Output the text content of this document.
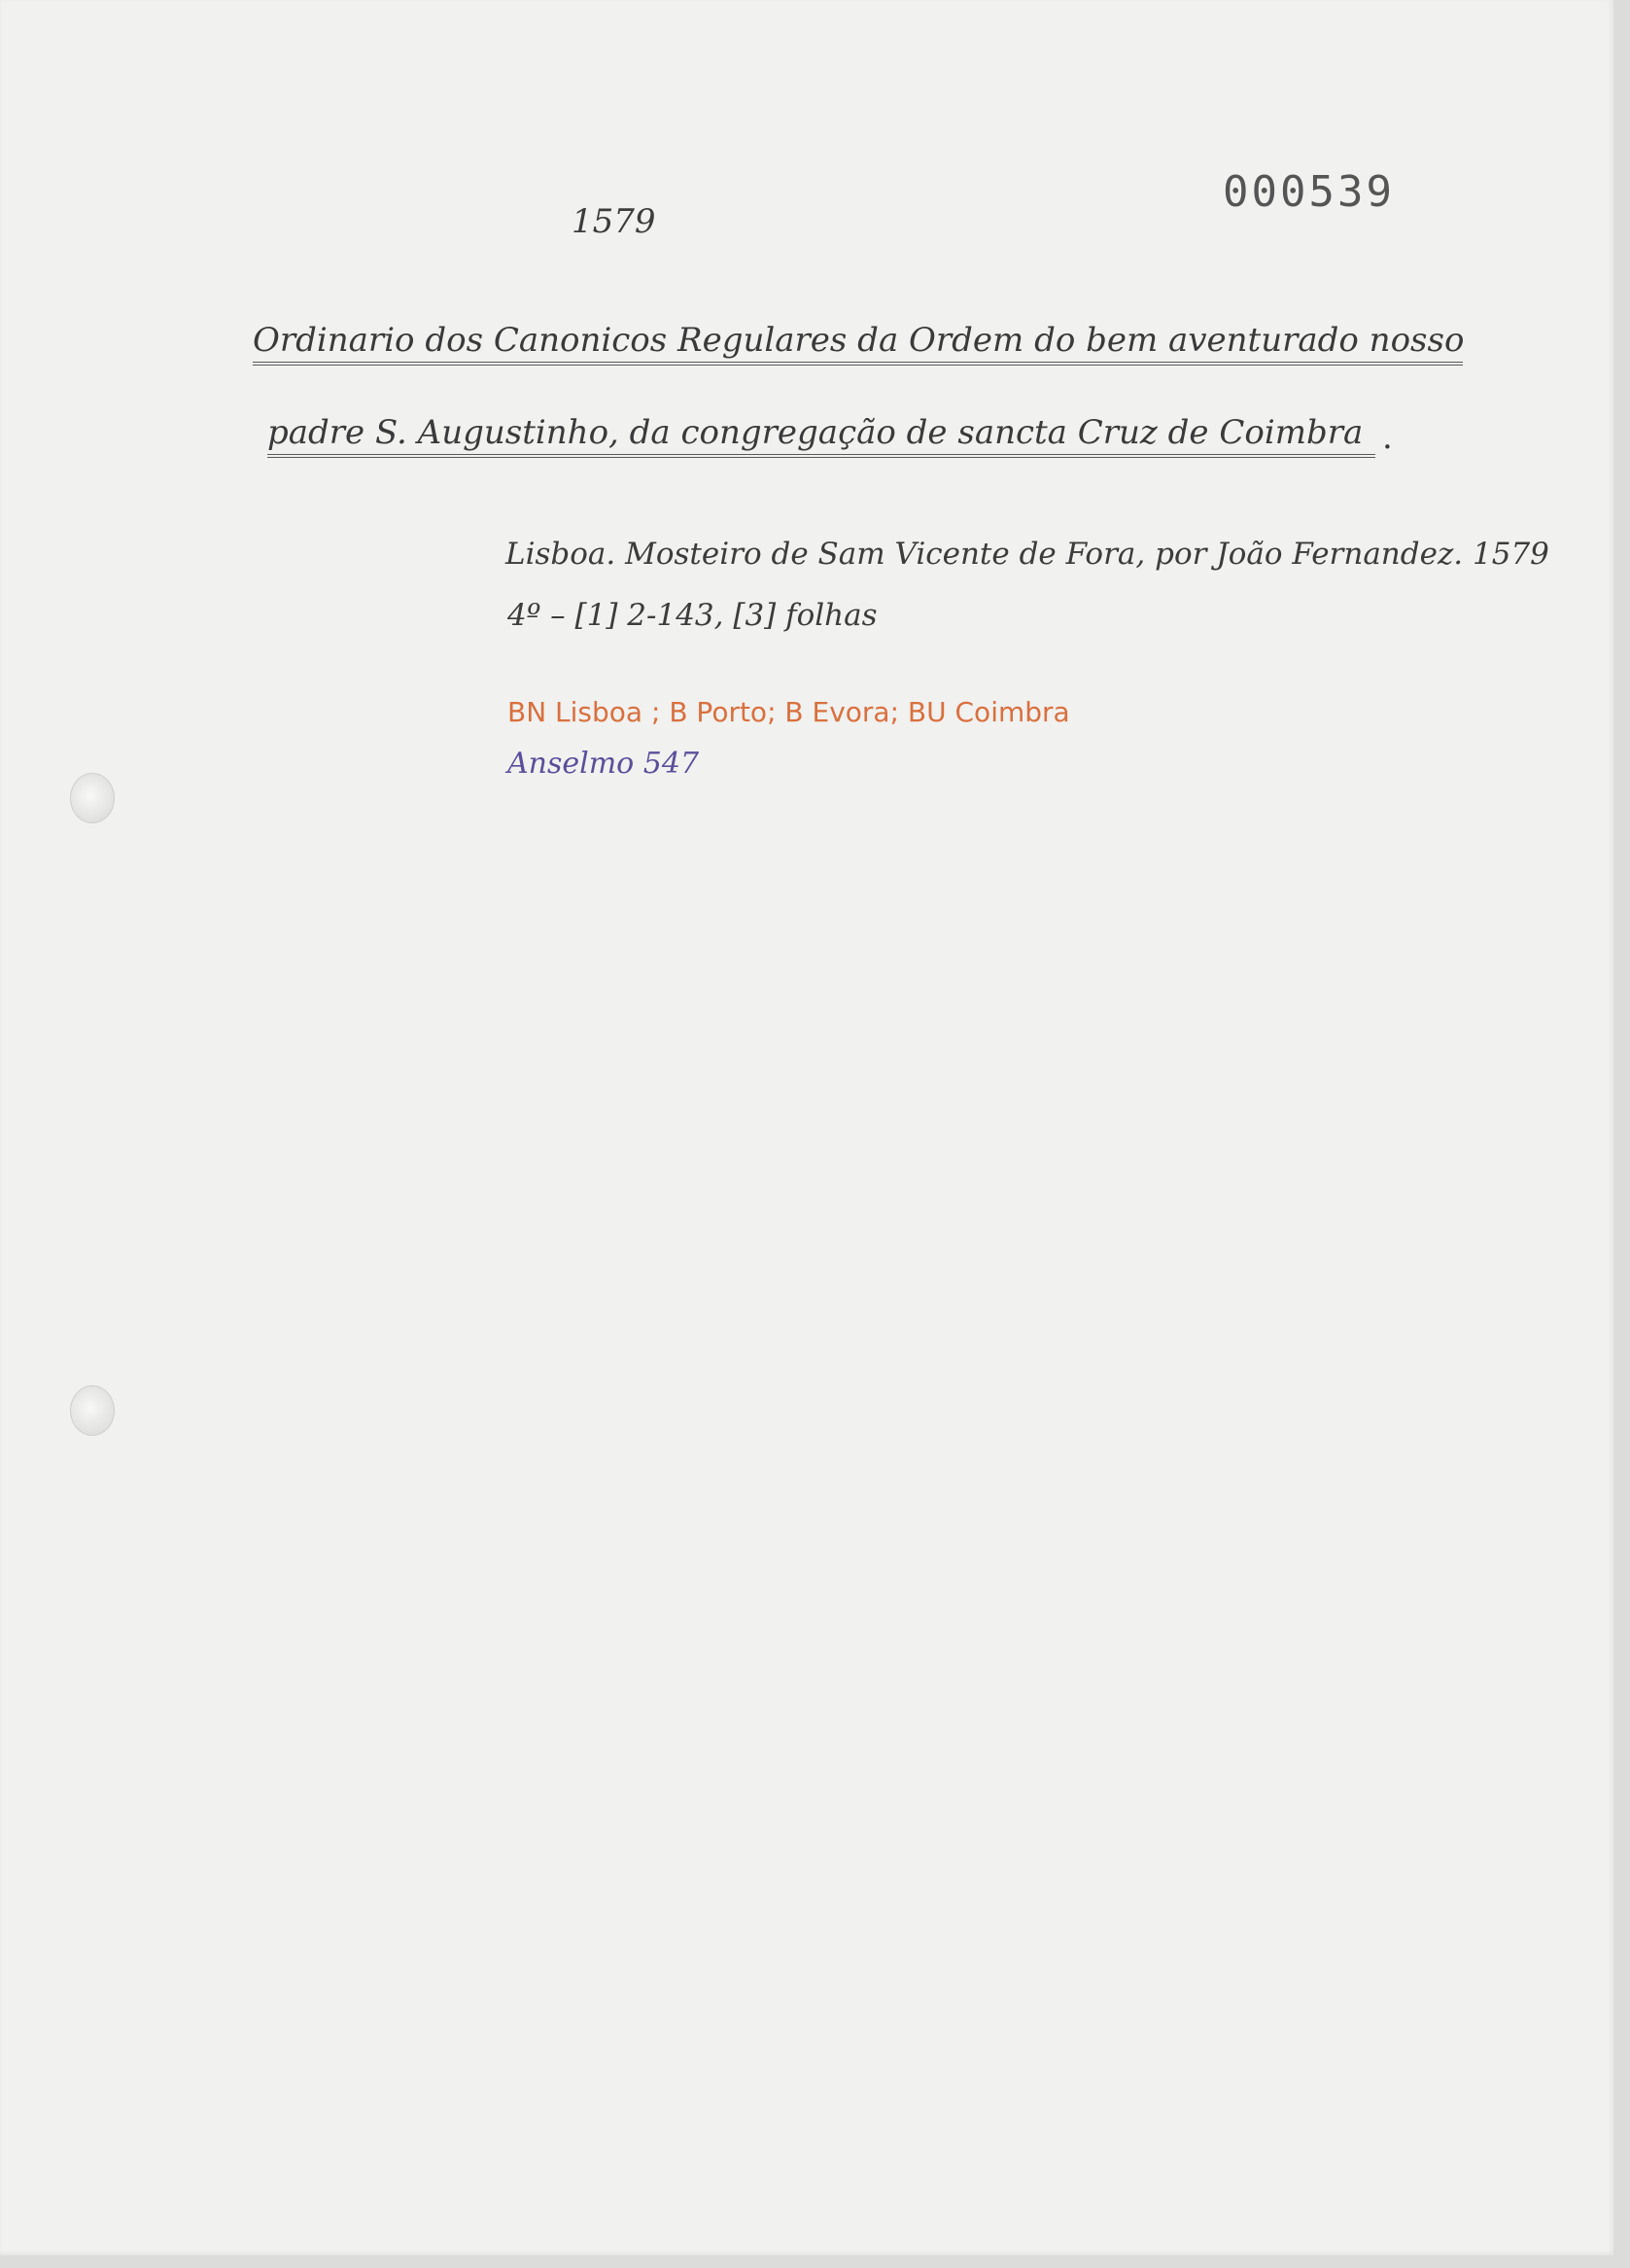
1579
000539
Ordinario dos Canonicos Regulares da Ordem do bem aventurado nosso
padre S. Augustinho, da congregação de sancta Cruz de Coimbra .
Lisboa. Mosteiro de Sam Vicente de Fora, por João Fernandez. 1579
4º – [1] 2-143, [3] folhas
BN Lisboa ; B Porto; B Evora; BU Coimbra
Anselmo 547
